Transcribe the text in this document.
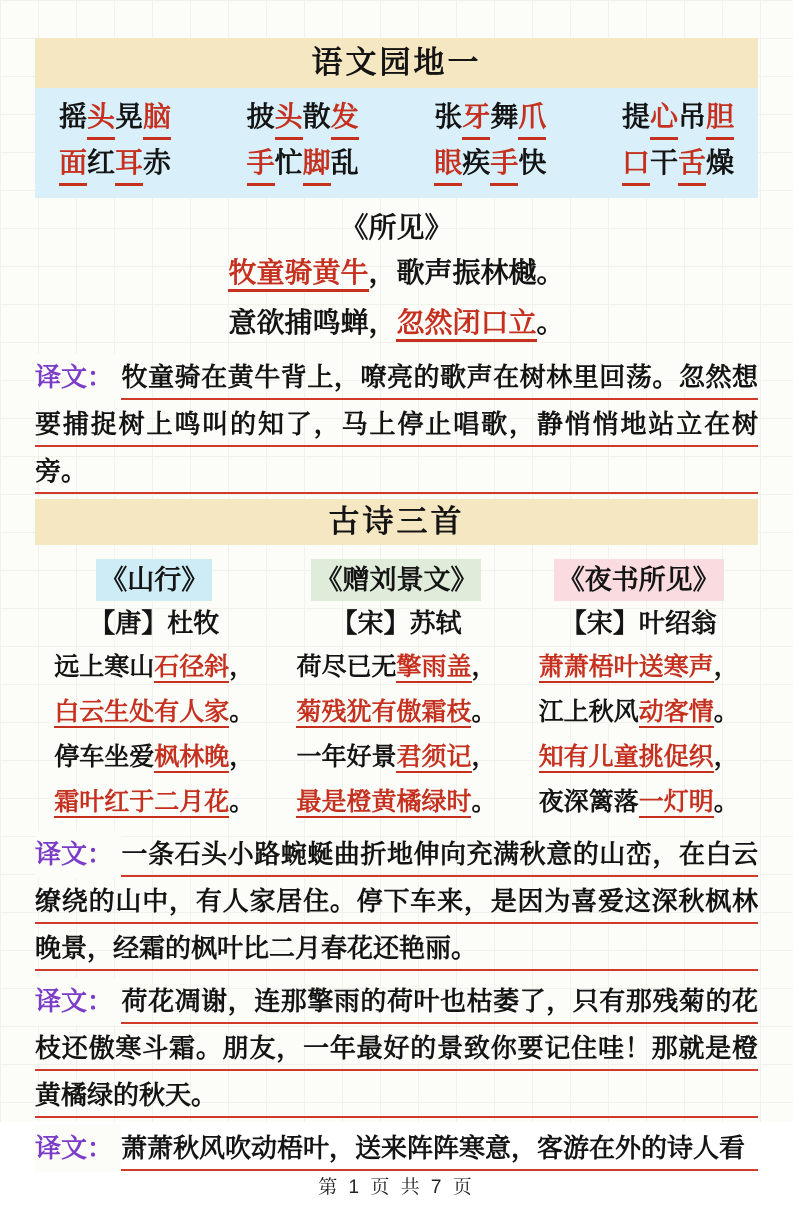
语文园地一
摇头晃脑	披头散发	张牙舞爪	提心吊胆
面红耳赤	手忙脚乱	眼疾手快	口干舌燥
《所见》
牧童骑黄牛，歌声振林樾。
意欲捕鸣蝉，忽然闭口立。
译文： 牧童骑在黄牛背上，嘹亮的歌声在树林里回荡。忽然想要捕捉树上鸣叫的知了，马上停止唱歌，静悄悄地站立在树旁。
古诗三首
《山行》
【唐】杜牧
远上寒山石径斜，
白云生处有人家。
停车坐爱枫林晚，
霜叶红于二月花。
《赠刘景文》
【宋】苏轼
荷尽已无擎雨盖，
菊残犹有傲霜枝。
一年好景君须记，
最是橙黄橘绿时。
《夜书所见》
【宋】叶绍翁
萧萧梧叶送寒声，
江上秋风动客情。
知有儿童挑促织，
夜深篱落一灯明。
译文： 一条石头小路蜿蜒曲折地伸向充满秋意的山峦，在白云缭绕的山中，有人家居住。停下车来，是因为喜爱这深秋枫林晚景，经霜的枫叶比二月春花还艳丽。
译文： 荷花凋谢，连那擎雨的荷叶也枯萎了，只有那残菊的花枝还傲寒斗霜。朋友，一年最好的景致你要记住哇！那就是橙黄橘绿的秋天。
译文： 萧萧秋风吹动梧叶，送来阵阵寒意，客游在外的诗人看
第 1 页 共 7 页
